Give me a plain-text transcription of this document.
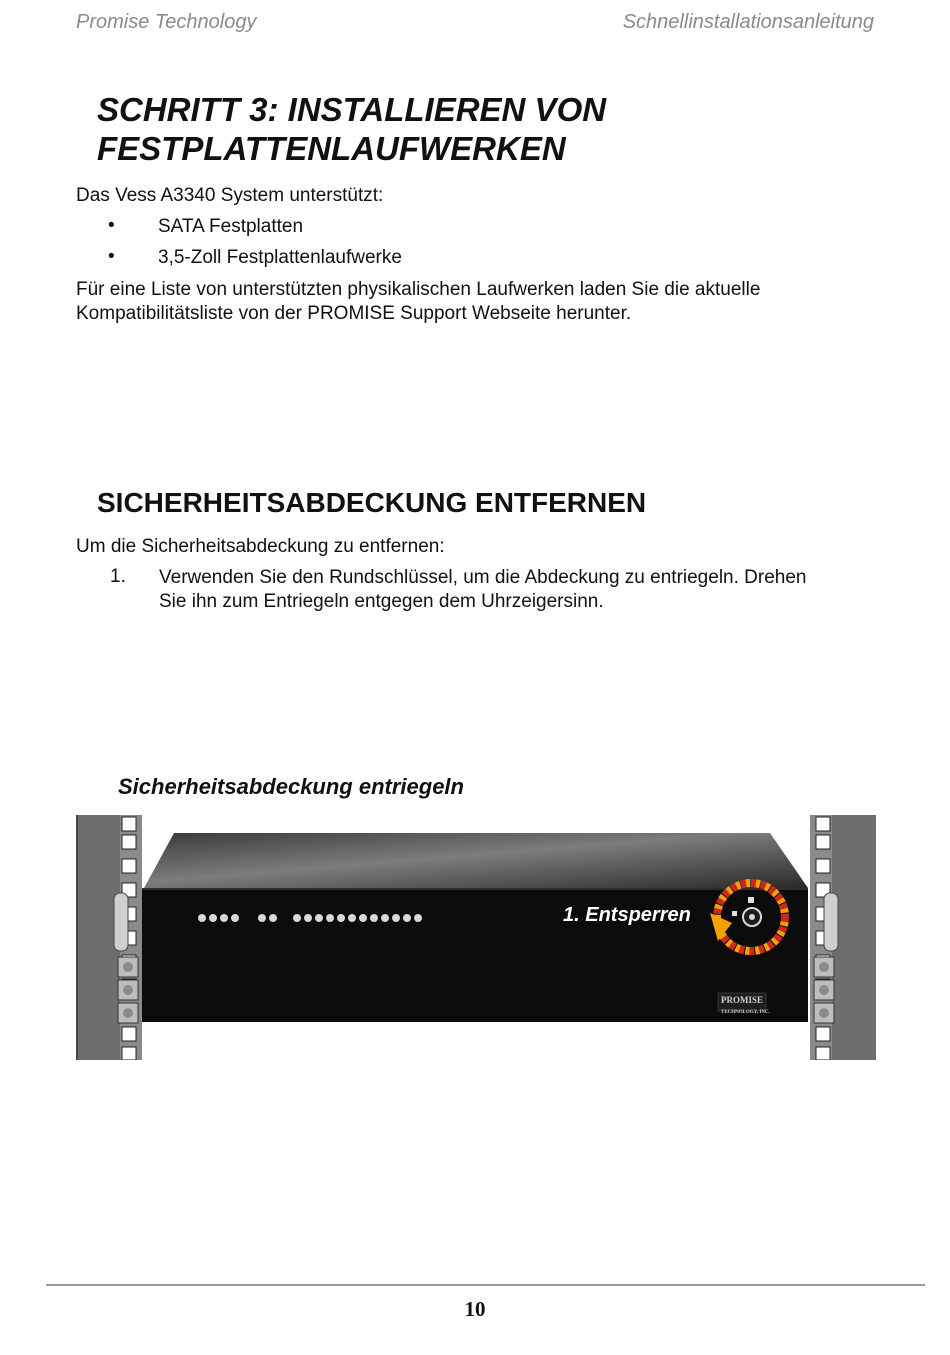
Promise Technology	Schnellinstallationsanleitung
SCHRITT 3: INSTALLIEREN VON
FESTPLATTENLAUFWERKEN

Das Vess A3340 System unterstützt:

• SATA Festplatten
• 3,5-Zoll Festplattenlaufwerke

Für eine Liste von unterstützten physikalischen Laufwerken laden Sie die aktuelle
Kompatibilitätsliste von der PROMISE Support Webseite herunter.

SICHERHEITSABDECKUNG ENTFERNEN

Um die Sicherheitsabdeckung zu entfernen:

1. Verwenden Sie den Rundschlüssel, um die Abdeckung zu entriegeln. Drehen
Sie ihn zum Entriegeln entgegen dem Uhrzeigersinn.
Sicherheitsabdeckung entriegeln
1. Entsperren
PROMISE
TECHNOLOGY, INC.
10
